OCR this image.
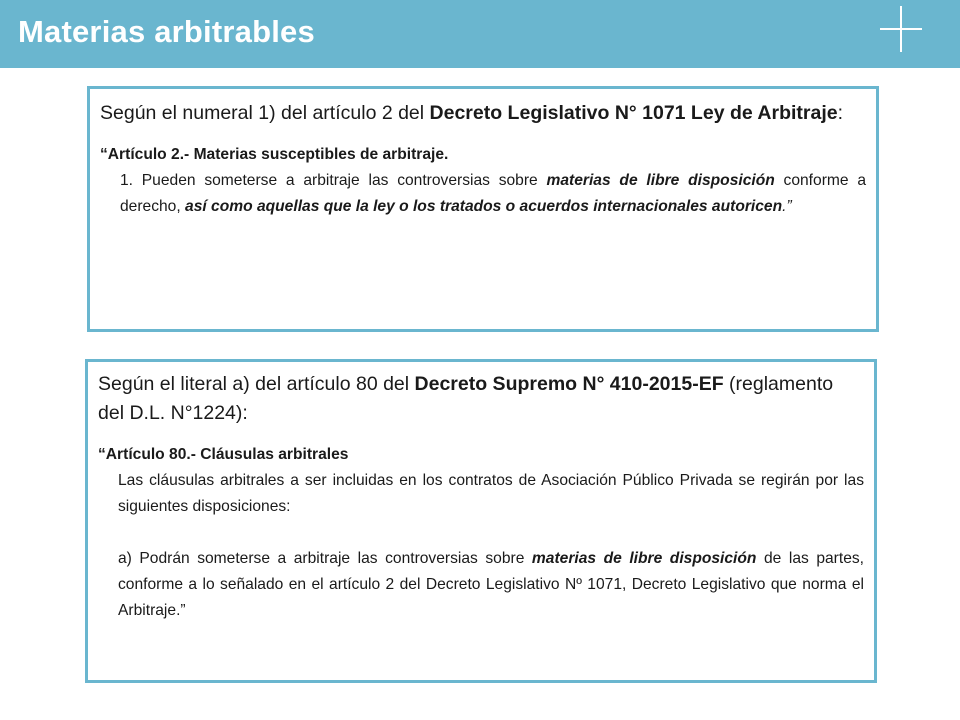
Materias arbitrables

Según el numeral 1) del artículo 2 del Decreto Legislativo N° 1071 Ley de Arbitraje:

“Artículo 2.- Materias susceptibles de arbitraje.

1. Pueden someterse a arbitraje las controversias sobre materias de libre disposición conforme a derecho, así como aquellas que la ley o los tratados o acuerdos internacionales autoricen.”

Según el literal a) del artículo 80 del Decreto Supremo N° 410-2015-EF (reglamento del D.L. N°1224):

“Artículo 80.- Cláusulas arbitrales

Las cláusulas arbitrales a ser incluidas en los contratos de Asociación Público Privada se regirán por las siguientes disposiciones:

a) Podrán someterse a arbitraje las controversias sobre materias de libre disposición de las partes, conforme a lo señalado en el artículo 2 del Decreto Legislativo Nº 1071, Decreto Legislativo que norma el Arbitraje.”
